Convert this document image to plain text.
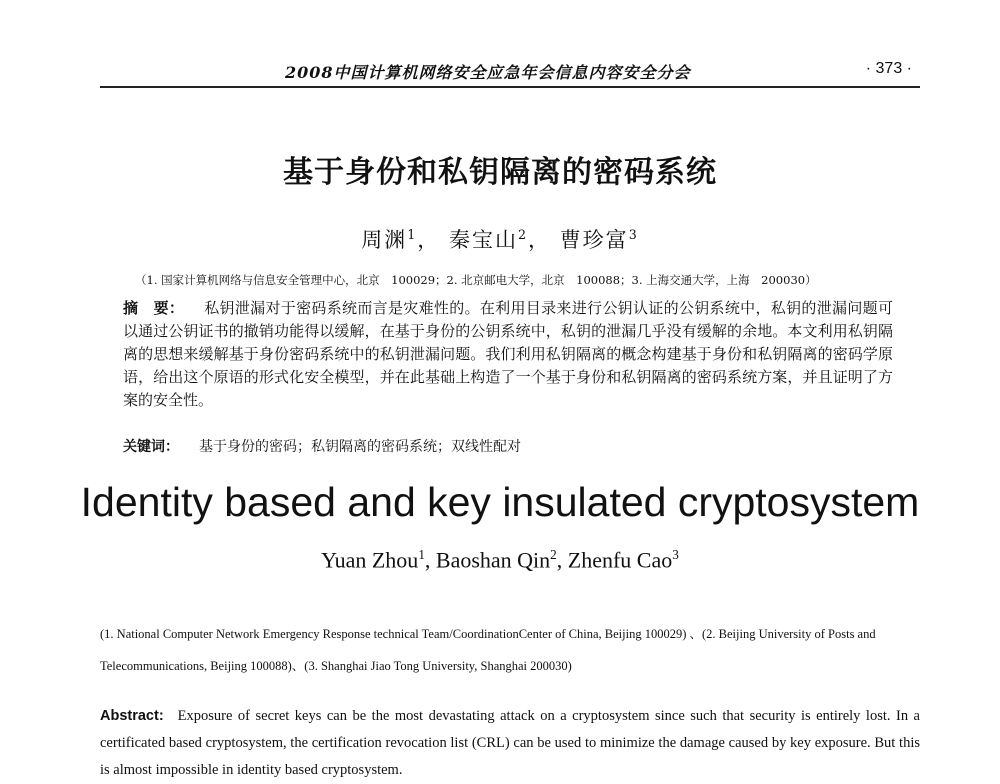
2008中国计算机网络安全应急年会信息内容安全分会	· 373 ·
基于身份和私钥隔离的密码系统
周渊$^1$， 秦宝山$^2$， 曹珍富$^3$
（1. 国家计算机网络与信息安全管理中心，北京　100029；2. 北京邮电大学，北京　100088；3. 上海交通大学，上海　200030）
摘　要： 私钥泄漏对于密码系统而言是灾难性的。在利用目录来进行公钥认证的公钥系统中，私钥的泄漏问题可以通过公钥证书的撤销功能得以缓解，在基于身份的公钥系统中，私钥的泄漏几乎没有缓解的余地。本文利用私钥隔离的思想来缓解基于身份密码系统中的私钥泄漏问题。我们利用私钥隔离的概念构建基于身份和私钥隔离的密码学原语，给出这个原语的形式化安全模型，并在此基础上构造了一个基于身份和私钥隔离的密码系统方案，并且证明了方案的安全性。
关键词： 基于身份的密码；私钥隔离的密码系统；双线性配对
Identity based and key insulated cryptosystem
Yuan Zhou$^1$, Baoshan Qin$^2$, Zhenfu Cao$^3$
(1. National Computer Network Emergency Response technical Team/CoordinationCenter of China, Beijing 100029) 、(2. Beijing University of Posts and Telecommunications, Beijing 100088)、(3. Shanghai Jiao Tong University, Shanghai 200030)
Abstract: Exposure of secret keys can be the most devastating attack on a cryptosystem since such that security is entirely lost. In a certificated based cryptosystem, the certification revocation list (CRL) can be used to minimize the damage caused by key exposure. But this is almost impossible in identity based cryptosystem.
